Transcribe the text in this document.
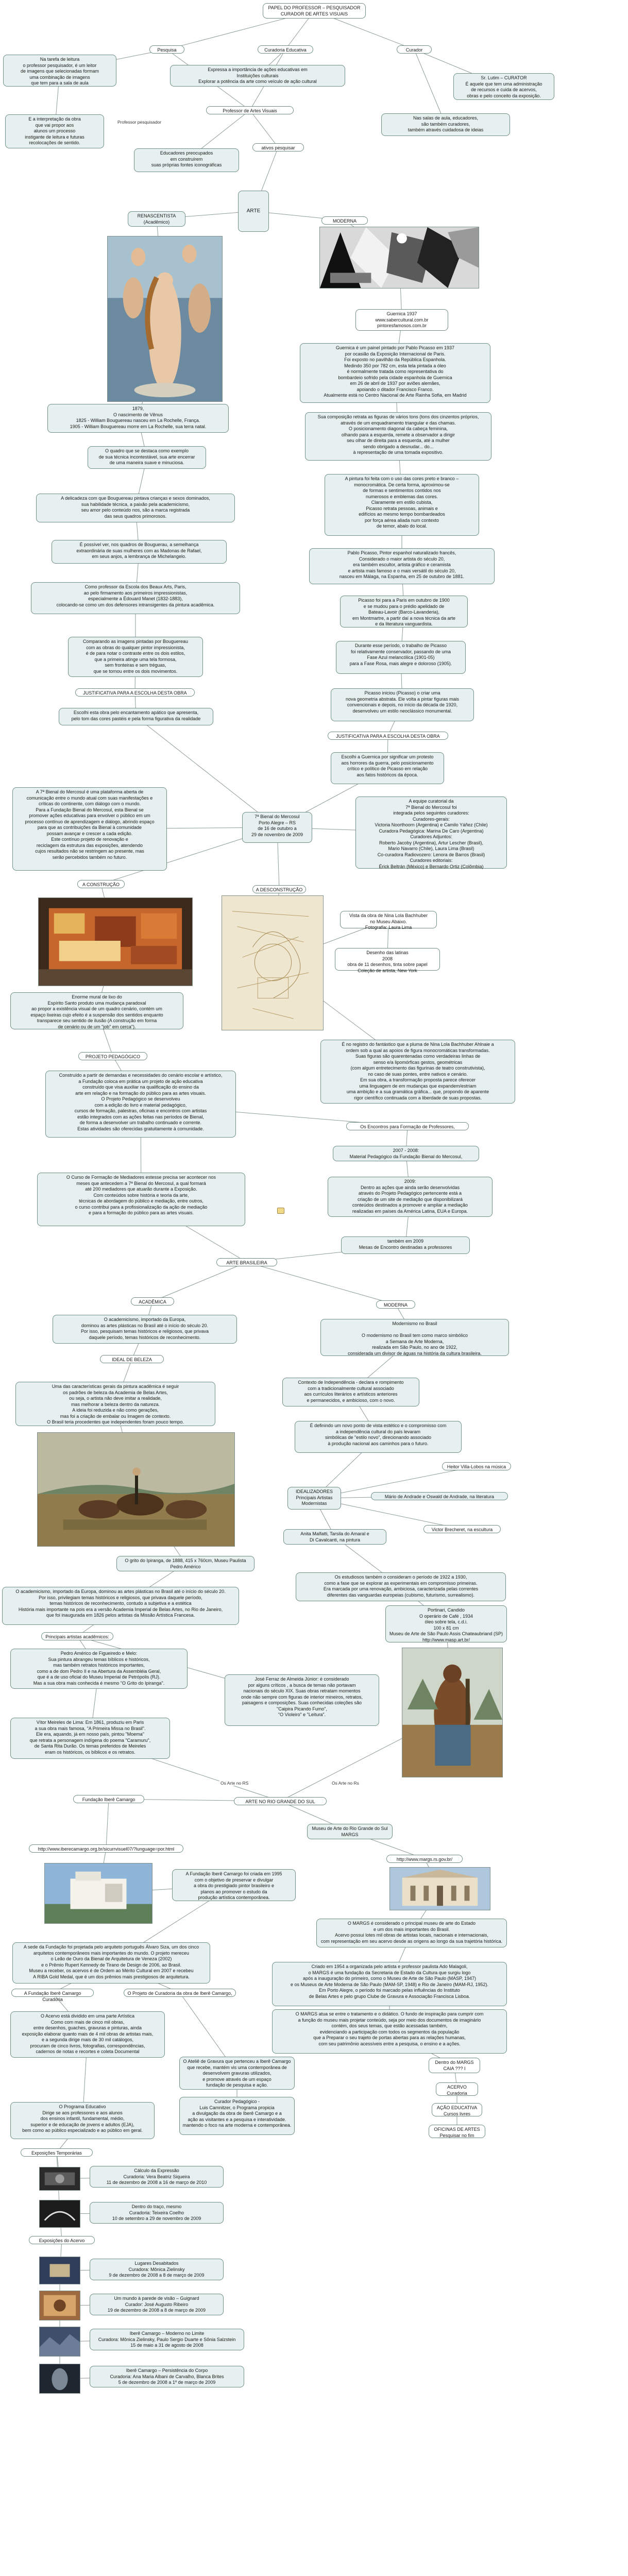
PAPEL DO PROFESSOR – PESQUISADOR
CURADOR DE ARTES VISUAIS
Pesquisa	Curadoria Educativa	Curador
Na tarefa de leitura
o professor pesquisador, é um leitor
de imagens que selecionadas formam
uma combinação de imagens
que tem para a sala de aula
Expressa a importância de ações educativas em
Instituições culturais
Explorar a potência da arte como veículo de ação cultural
Sr. Lutim – CURATOR
É aquele que tem uma administração
de recursos e cuida de acervos,
obras e pelo conceito da exposição.
E a interpretação da obra
que vai propor aos
alunos um processo
instigante de leitura e futuras
recolocações de sentido.
Professor pesquisador
Professor de Artes Visuais
Nas salas de aula, educadores,
são também curadores,
também através cuidadosa de ideias
Educadores preocupados
em construírem
suas próprias fontes iconográficas
ativos pesquisar
RENASCENTISTA
(Acadêmico)
ARTE
MODERNA
Guernica 1937
www.sabercultural.com.br
pintoresfamosos.com.br
Guernica é um painel pintado por Pablo Picasso em 1937
por ocasião da Exposição Internacional de Paris.
Foi exposto no pavilhão da República Espanhola.
Medindo 350 por 782 cm, esta tela pintada a óleo
é normalmente tratada como representativa do
bombardeio sofrido pela cidade espanhola de Guernica
em 26 de abril de 1937 por aviões alemães,
apoiando o ditador Francisco Franco.
Atualmente está no Centro Nacional de Arte Rainha Sofia, em Madrid
1879,
O nascimento de Vênus
1825 - William Bouguereau nasceu em La Rochelle, França.
1905 - William Bouguereau morre em La Rochelle, sua terra natal.
Sua composição retrata as figuras de vários tons (tons dos cinzentos próprios,
através de um enquadramento triangular e das chamas.
O posicionamento diagonal da cabeça feminina,
olhando para a esquerda, remete a observador a dirigir
seu olhar de direita para a esquerda, até a mulher
sendo obrigado a desnudar... do...
à representação de uma tomada expositivo.
O quadro que se destaca como exemplo
de sua técnica incontestável, sua arte encerrar
de uma maneira suave e minuciosa.
A pintura foi feita com o uso das cores preto e branco –
monocromática. De certa forma, aproximou-se
de formas e sentimentos contidos nos
numerosos e emblemas das cores.
Claramente em estilo cubista,
Picasso retrata pessoas, animais e
edifícios ao mesmo tempo bombardeados
por força aérea aliada num contexto
de temor, abalo do local.
A delicadeza com que Bouguereau pintava crianças e sexos dominados,
sua habilidade técnica, a paixão pela academicismo,
seu amor pelo conteúdo nos, são a marca registrada
das seus quadros primorosos.
É possível ver, nos quadros de Bouguerau, a semelhança
extraordinária de suas mulheres com as Madonas de Rafael,
em seus anjos, a lembrança de Michelangelo.
Pablo Picasso, Pintor espanhol naturalizado francês,
Considerado o maior artista do século 20,
era também escultor, artista gráfico e ceramista
e artista mais famoso e o mais versátil do século 20,
nasceu em Málaga, na Espanha, em 25 de outubro de 1881.
Como professor da Escola dos Beaux Arts, Paris,
ao pelo firmamento aos primeiros impressionistas,
especialmente a Édouard Manet (1832-1883),
colocando-se como um dos defensores intransigentes da pintura acadêmica.
Picasso foi para a Paris em outubro de 1900
e se mudou para o prédio apelidado de
Bateau-Lavoir (Barco-Lavanderia),
em Montmartre, a partir daí a nova técnica da arte
e da literatura vanguardista.
Comparando as imagens pintadas por Bouguereau
com as obras do qualquer pintor impressionista,
é de para notar o contraste entre os dois estilos,
que a primeira atinge uma tela formosa,
sem fronteiras e sem tréguas,
que se tornou entre os dois movimentos.
Durante esse período, o trabalho de Picasso
foi relativamente conservador, passando de uma
Fase Azul melancólica (1901-05)
para a Fase Rosa, mais alegre e doloroso (1905).
JUSTIFICATIVA PARA A ESCOLHA DESTA OBRA	Picasso iniciou (Picasso) o criar uma
nova geometria abstrata. Ele volta a pintar figuras mais
convencionais e depois, no início da década de 1920,
desenvolveu um estilo neoclássico monumental.
Escolhi esta obra pelo encantamento apático que apresenta,
pelo tom das cores pastéis e pela forma figurativa da realidade
JUSTIFICATIVA PARA A ESCOLHA DESTA OBRA
Escolhi a Guernica por significar um protesto
aos horrores da guerra, pelo posicionamento
crítico e político de Picasso em relação
aos fatos históricos da época.
A 7ª Bienal do Mercosul é uma plataforma aberta de
comunicação entre o mundo atual com suas manifestações e
críticas do continente, com diálogo com o mundo.
Para a Fundação Bienal do Mercosul, esta Bienal se
promover ações educativas para envolver o público em um
processo contínuo de aprendizagem e diálogo, abrindo espaço
para que as contribuições da Bienal à comunidade
possam avançar e crescer a cada edição.
Este contínuo projeto de renovação e
reciclagem da estrutura das exposições, atendendo
cujos resultados não se restringem ao presente, mas
serão percebidos também no futuro.
7ª Bienal do Mercosul
Porto Alegre – RS
de 16 de outubro a
29 de novembro de 2009
A equipe curatorial da
7ª Bienal do Mercosul foi
integrada pelos seguintes curadores:
Curadores-gerais:
Victoria Noorthoorn (Argentina) e Camilo Yáñez (Chile)
Curadora Pedagógica: Marina De Caro (Argentina)
Curadores Adjuntos:
Roberto Jacoby (Argentina), Artur Lescher (Brasil),
Mario Navarro (Chile), Laura Lima (Brasil)
Co-curadora Radiovozero: Lenora de Barros (Brasil)
Curadores editoriais:
Érick Beltrán (México) e Bernardo Ortiz (Colômbia)
A CONSTRUÇÃO
A DESCONSTRUÇÃO
Vista da obra de Nina Lola Bachhuber
no Museu Abaixo.
Fotografia: Laura Lima
Desenho das latinas
2008
obra de 11 desenhos, tinta sobre papel
Coleção de artista, New York
Enorme mural de lixo do
Espírito Santo produto uma mudança paradoxal
ao propor a existência visual de um quadro cenário, contém um
espaço lixeiras cujo efeito é a suspensão dos sentidos enquanto
transparece seu sentido de ilusão (A construção em forma
de cenário ou de um "job" em cerca").
É no registro do fantástico que a pluma de Nina Lola Bachhuber Ahlnaie a
ordem sob a qual as apoios de figura monocromáticas transformadas.
Suas figuras são quarentenadas como verdadeiras linhas de
senso e/a lipomórficas gestos, geométricas
(com algum entretecimento das figurinas de teatro construtivista),
no caso de suas pontes, entre nativos e cenário.
Em sua obra, a transformação proposta parece oferecer
uma linguagem de em mudanças que expandem/estriam
uma ambição e a sua gramática gráfica... que, propondo de aparente
rigor científico continuada com a liberdade de suas propostas.
PROJETO PEDAGÓGICO
Construído a partir de demandas e necessidades do cenário escolar e artístico,
a Fundação coloca em prática um projeto de ação educativa
construído que visa auxiliar na qualificação do ensino da
arte em relação e na formação do público para as artes visuais.
O Projeto Pedagógico se desenvolveu
com a edição do livro e material pedagógico,
cursos de formação, palestras, oficinas e encontros com artistas
estão integrados com as ações feitas nas períodos de Bienal,
de forma a desenvolver um trabalho continuado e corrente.
Estas atividades são oferecidas gratuitamente à comunidade.	Os Encontros para Formação de Professores,
2007 - 2008:
Material Pedagógico da Fundação Bienal do Mercosul,
O Curso de Formação de Mediadores estesse precisa ser acontecer nos
meses que antecedem a 7ª Bienal do Mercosul, a qual formará
até 200 mediadores que atuarão durante a Exposição.
Com conteúdos sobre história e teoria da arte,
técnicas de abordagem do público e mediação, entre outros,
o curso contribui para a profissionalização da ação de mediação
e para a formação do público para as artes visuais.
2009:
Dentro as ações que ainda serão desenvolvidas
através do Projeto Pedagógico pertencente está a
criação de um site de mediação que disponibilizará
conteúdos destinados a promover e ampliar a mediação
realizadas em países da América Latina, EUA e Europa.
também em 2009
Mesas de Encontro destinadas a professores
ARTE BRASILEIRA
ACADÊMICA
MODERNA
O academicismo, importado da Europa,
dominou as artes plásticas no Brasil até o início do século 20.
Por isso, pesquisam temas históricos e religiosos, que privava
daquele período, temas históricos de reconhecimento.
Modernismo no Brasil

O modernismo no Brasil tem como marco simbólico
a Semana de Arte Moderna,
realizada em São Paulo, no ano de 1922,
considerada um divisor de águas na história da cultura brasileira.
IDEAL DE BELEZA
Contexto de Independência - declara e rompimento
com a tradicionalmente cultural associado
aos currículos literários e artísticos anteriores
e permanecidos, e ambicioso, com o novo.
Uma das características gerais da pintura acadêmica é seguir
os padrões de beleza da Academia de Belas Artes,
ou seja, o artista não deve imitar a realidade,
mas melhorar a beleza dentro da natureza.
A ideia foi reduzida e não como gerações,
mas foi a criação de embalar ou Imagem de contexto.
O Brasil teria procedentes que independentes foram pouco tempo.
É definindo um novo ponto de vista estético e o compromisso com
a independência cultural do país levaram
simbólicas de "estilo novo", direcionando associado
à produção nacional aos caminhos para o futuro.
Heitor Villa-Lobos na música
IDEALIZADORES
Principais Artistas
Modernistas
Mário de Andrade e Oswald de Andrade, na literatura
Anita Malfatti, Tarsila do Amaral e
Di Cavalcanti, na pintura
Victor Brecheret, na escultura
O grito do Ipiranga, de 1888, 415 x 760cm, Museu Paulista
Pedro Américo
Os estudiosos também o consideram o período de 1922 a 1930,
como a fase que se explorar as experimentais em compromisso primeiras.
Era marcada por uma renovação, ambiciosa, caracterizada pelas correntes
diferentes das vanguardas europeias (cubismo, futurismo, surrealismo).
O academicismo, importado da Europa, dominou as artes plásticas no Brasil até o início do século 20.
Por isso, privilegiam temas históricos e religiosos, que privava daquele período,
temas históricos de reconhecimento, contudo a subjetiva e a estética
História mais importante na pois era a versão Academia Imperial de Belas Artes, no Rio de Janeiro,
que foi inaugurada em 1826 pelos artistas da Missão Artística Francesa.
Portinari, Candido
O operário de Café , 1934
óleo sobre tela, c.d.i.
100 x 81 cm
Museu de Arte de São Paulo Assis Chateaubriand (SP)
http://www.masp.art.br/
Principais artistas acadêmicos:
Pedro Américo de Figueiredo e Melo:
Sua pintura abrangeu temas bíblicos e históricos,
mas também retratos históricos importantes,
como a de dom Pedro II e na Abertura da Assembléia Geral,
que é a de uso oficial do Museu Imperial de Petrópolis (RJ).
Mas a sua obra mais conhecida é mesmo "O Grito do Ipiranga".
José Ferraz de Almeida Júnior: é considerado
por alguns críticos , a busca de temas não portavam
nacionais do século XIX. Suas obras retratam momentos
onde não sempre com figuras de interior mineiros, retratos,
paisagens e composições. Suas conhecidas coleções são
"Caipira Picando Fumo",
"O Violeiro" e "Leitura".
Vítor Meireles de Lima: Em 1861, produziu em Paris
a sua obra mais famosa, "A Primeira Missa no Brasil".
Ele era, aquando, já em nosso país, pintou "Moema"
que retrata a personagem indígena do poema "Caramuru",
de Santa Rita Durão. Os temas preferidos de Meireles
eram os históricos, os bíblicos e os retratos.
Os Arte no RS	Os Arte no Rs
Fundação Iberê Camargo	ARTE NO RIO GRANDE DO SUL
Museu de Arte do Rio Grande do Sul
MARGS
http://www.iberecamargo.org.br/sicurrvisuel07/?lunguage=por.html
http://www.margs.rs.gov.br/
A Fundação Iberê Camargo foi criada em 1995
com o objetivo de preservar e divulgar
a obra do prestigiado pintor brasileiro e
planos ao promover o estudo da
produção artística contemporânea.
O MARGS é considerado o principal museu de arte do Estado
e um dos mais importantes do Brasil.
Acervo possui lotes mil obras de artistas locais, nacionais e internacionais,
com representação em seu acervo desde as origens ao longo da sua trajetória histórica.
A sede da Fundação foi projetada pelo arquiteto português Álvaro Siza, um dos cinco
arquitetos contemporâneos mais importantes do mundo. O projeto mereceu
o Leão de Ouro da Bienal de Arquitetura de Veneza (2002)
e o Prêmio Rupert Kennedy de Tirano de Design de 2006, ao Brasil.
Museu a receber, os acervos é de Ordem ao Mérito Cultural em 2007 e recebeu
A RIBA Gold Medal, que é um dos prêmios mais prestigiosos de arquitetura.
Criado em 1954 a organizada pelo artista e professor paulista Ado Malagoli,
o MARGS é uma fundação da Secretaria de Estado da Cultura que surgiu logo
após a inauguração do primeiro, como o Museu de Arte de São Paulo (MASP, 1947)
e os Museus de Arte Moderna de São Paulo (MAM-SP, 1948) e Rio de Janeiro (MAM-RJ, 1952).
Em Porto Alegre, o período foi marcado pelas influências do Instituto
de Belas Artes e pelo grupo Clube de Gravura e Associação Francisca Lisboa.
A Fundação Iberê Camargo Curadoria
O Projeto de Curadoria da obra de Iberê Camargo,
O MARGS atua se entre o tratamento e o didático. O fundo de inspiração para cumprir com
a função do museu mais projetar conteúdo, seja por meio dos documentos de imaginário
contém, dos seus temas, que estão acessadas também,
evidenciando a participação com todos os segmentos da população
que a Preparar o seu trajeto de portas abertas para as relações humanas,
com seu patrimônio acessíveis entre a pesquisa, o ensino e a ações.
O Acervo está dividido em uma parte Artística
Como com mais de cinco mil obras,
entre desenhos, guaches, gravuras e pinturas, ainda
exposição elaborar quanto mais de 4 mil obras de artistas mais,
e a segunda dirige mais de 30 mil catálogos,
procuram de cinco livros, fotografias, correspondências,
cadernos de notas e recortes e coleta Documental
O Ateliê de Gravura que pertenceu a Iberê Camargo
que recebe, mantém vis uma contemporânea de
desenvolvem gravuras utilizados,
e promove através de um espaço
fundação de pesquisa e ação.
Dentro do MARGS
CAIA ??? I
ACERVO
Curadoria
Curador Pedagógico -
Luis Camnitzer, o Programa propicia
a divulgação da obra de Iberê Camargo e a
ação as visitantes e a pesquisa e interatividade.
mantendo o foco na arte moderna e contemporânea.
AÇÃO EDUCATIVA
Cursos livres
O Programa Educativo
Dirige se aos professores e aos alunos
dos ensinos infantil, fundamental, médio,
superior e de educação de jovens e adultos (EJA),
bem como ao público especializado e ao público em geral.	OFICINAS DE ARTES
Pesquisar no fim
Exposições Temporárias
Cálculo da Expressão
Curadoria: Vera Beatriz Siqueira
11 de dezembro de 2008 a 16 de março de 2010
Dentro do traço, mesmo
Curadoria: Teixeira Coelho
10 de setembro a 29 de novembro de 2009
Exposições do Acervo
Lugares Desabitados
Curadora: Mônica Zielinsky
9 de dezembro de 2008 a 8 de março de 2009
Um mundo à parede de visão – Guignard
Curador: José Augusto Ribeiro
19 de dezembro de 2008 a 8 de março de 2009
Iberê Camargo – Moderno no Limite
Curadora: Mônica Zielinsky, Paulo Sergio Duarte e Sônia Salzstein
15 de maio a 31 de agosto de 2008
Iberê Camargo – Persistência do Corpo
Curadoria: Ana Maria Albani de Carvalho, Blanca Brites
5 de dezembro de 2008 a 1º de março de 2009
